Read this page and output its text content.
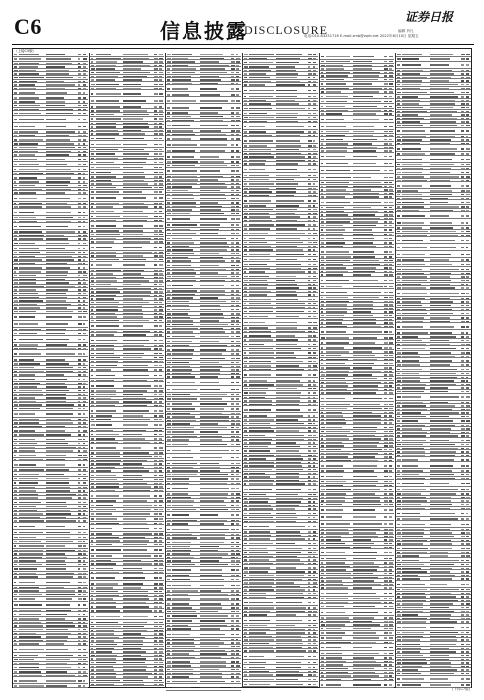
C6	信息披露
DISCLOSURE
证券日报
编辑 肖凡
电话:010-83251716 E-mail:zmb@zqrb.net 2022年6月10日 星期五
（上接C5版）
(下转C7版)
